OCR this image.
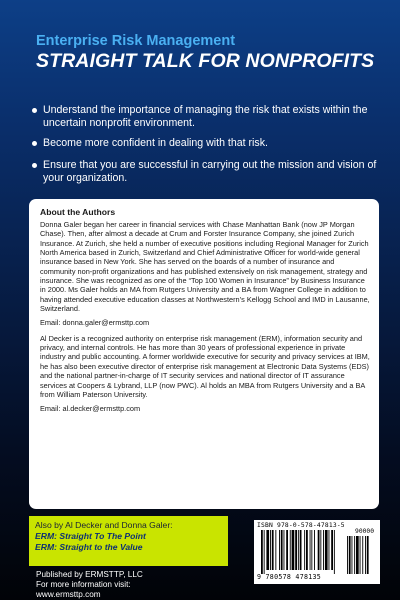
Enterprise Risk Management
STRAIGHT TALK FOR NONPROFITS
Understand the importance of managing the risk that exists within the uncertain nonprofit environment.
Become more confident in dealing with that risk.
Ensure that you are successful in carrying out the mission and vision of your organization.
About the Authors

Donna Galer began her career in financial services with Chase Manhattan Bank (now JP Morgan Chase). Then, after almost a decade at Crum and Forster Insurance Company, she joined Zurich Insurance. At Zurich, she held a number of executive positions including Regional Manager for Zurich North America based in Zurich, Switzerland and Chief Administrative Officer for world-wide general insurance based in New York. She has served on the boards of a number of insurance and community non-profit organizations and has published extensively on risk management, strategy and insurance. She was recognized as one of the “Top 100 Women in Insurance” by Business Insurance in 2000. Ms Galer holds an MA from Rutgers University and a BA from Wagner College in addition to having attended executive education classes at Northwestern’s Kellogg School and IMD in Lausanne, Switzerland.

Email: donna.galer@ermsttp.com

Al Decker is a recognized authority on enterprise risk management (ERM), information security and privacy, and internal controls. He has more than 30 years of professional experience in private industry and public accounting. A former worldwide executive for security and privacy services at IBM, he has also been executive director of enterprise risk management at Electronic Data Systems (EDS) and the national partner-in-charge of IT security services and national director of IT assurance services at Coopers & Lybrand, LLP (now PWC). Al holds an MBA from Rutgers University and a BA from William Paterson University.

Email: al.decker@ermsttp.com

Also by Al Decker and Donna Galer:
ERM: Straight To The Point
ERM: Straight to the Value
Published by ERMSTTP, LLC
For more information visit:
www.ermsttp.com
ISBN 978-0-578-47813-5
90000
9 780578 478135
